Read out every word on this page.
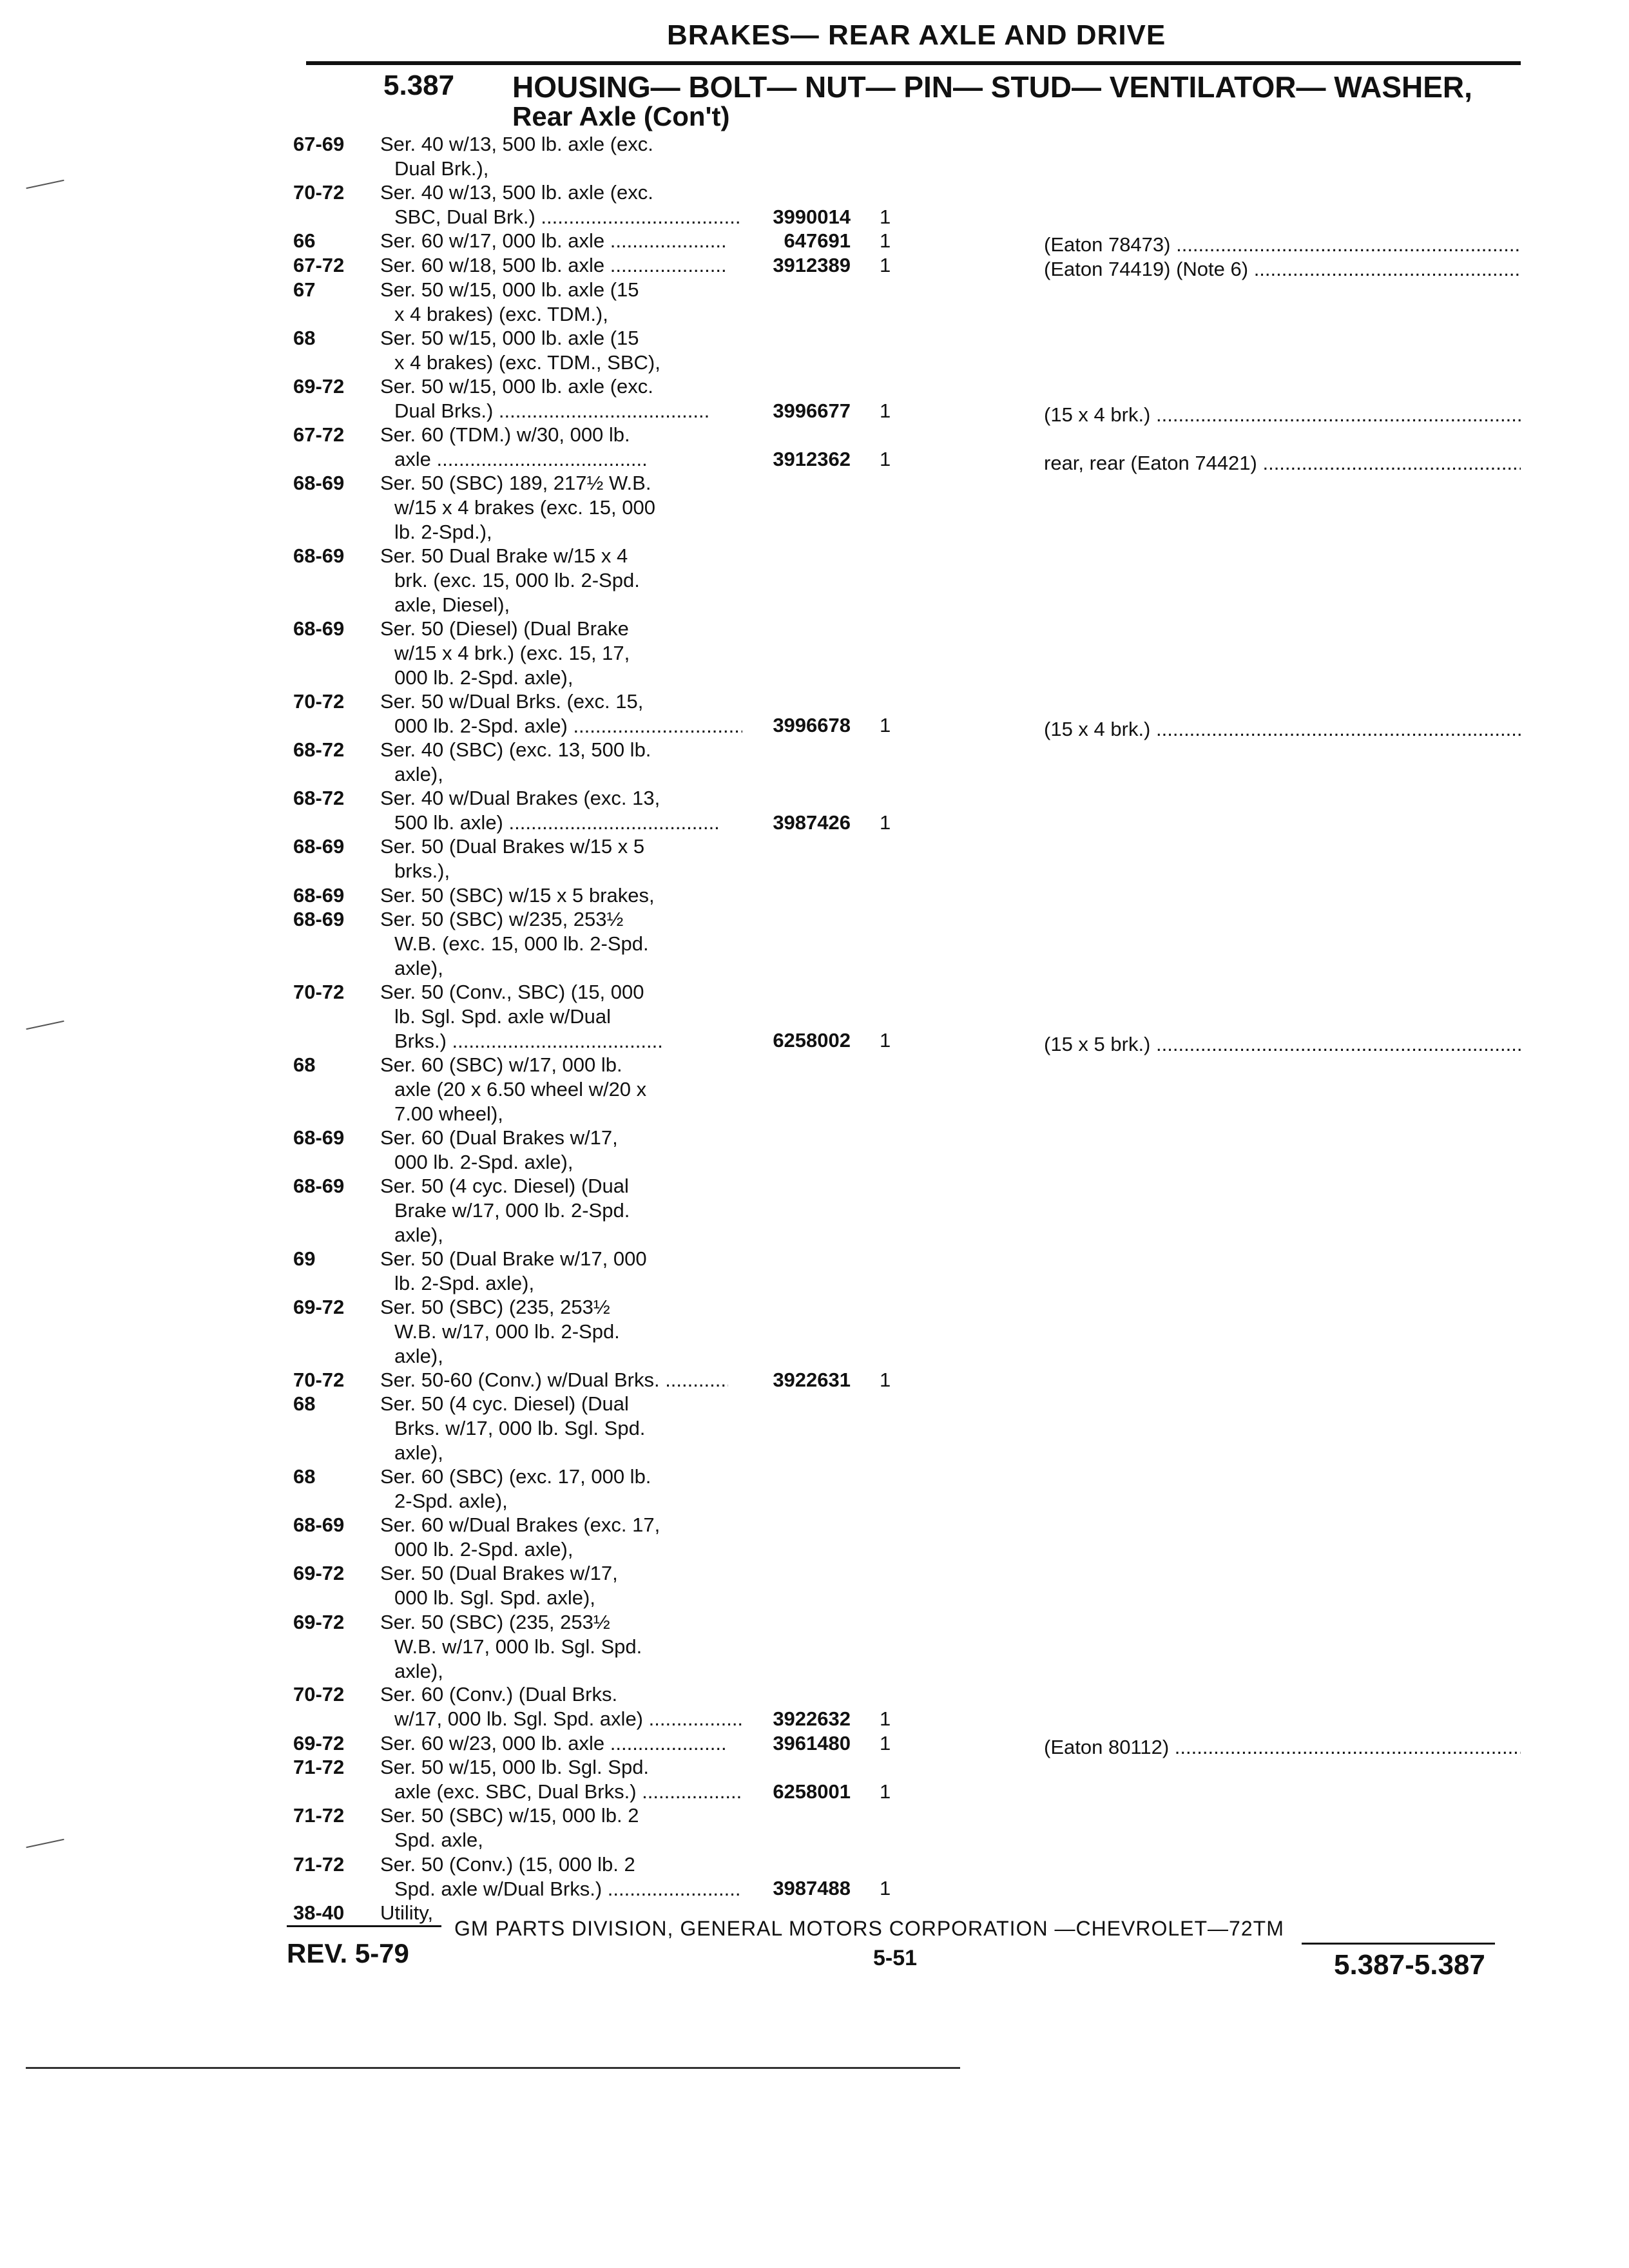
BRAKES— REAR AXLE AND DRIVE
5.387 HOUSING— BOLT— NUT— PIN— STUD— VENTILATOR— WASHER,
Rear Axle (Con't)
67-69	Ser. 40 w/13, 500 lb. axle (exc.
Dual Brk.),
70-72	Ser. 40 w/13, 500 lb. axle (exc.
SBC, Dual Brk.) .....	3990014 1
66	Ser. 60 w/17, 000 lb. axle .....	647691 1	(Eaton 78473) .....
67-72	Ser. 60 w/18, 500 lb. axle .....	3912389 1	(Eaton 74419) (Note 6) .....
67	Ser. 50 w/15, 000 lb. axle (15
x 4 brakes) (exc. TDM.),
68	Ser. 50 w/15, 000 lb. axle (15
x 4 brakes) (exc. TDM., SBC),
69-72	Ser. 50 w/15, 000 lb. axle (exc.
Dual Brks.) .....	3996677 1	(15 x 4 brk.) .....
67-72	Ser. 60 (TDM.) w/30, 000 lb.
axle .....	3912362 1	rear, rear (Eaton 74421) .....
68-69	Ser. 50 (SBC) 189, 217½ W.B.
w/15 x 4 brakes (exc. 15, 000
lb. 2-Spd.),
68-69	Ser. 50 Dual Brake w/15 x 4
brk. (exc. 15, 000 lb. 2-Spd.
axle, Diesel),
68-69	Ser. 50 (Diesel) (Dual Brake
w/15 x 4 brk.) (exc. 15, 17,
000 lb. 2-Spd. axle),
70-72	Ser. 50 w/Dual Brks. (exc. 15,
000 lb. 2-Spd. axle) .....	3996678 1	(15 x 4 brk.) .....
68-72	Ser. 40 (SBC) (exc. 13, 500 lb.
axle),
68-72	Ser. 40 w/Dual Brakes (exc. 13,
500 lb. axle) .....	3987426 1
68-69	Ser. 50 (Dual Brakes w/15 x 5
brks.),
68-69	Ser. 50 (SBC) w/15 x 5 brakes,
68-69	Ser. 50 (SBC) w/235, 253½
W.B. (exc. 15, 000 lb. 2-Spd.
axle),
70-72	Ser. 50 (Conv., SBC) (15, 000
lb. Sgl. Spd. axle w/Dual
Brks.) .....	6258002 1	(15 x 5 brk.) .....
68	Ser. 60 (SBC) w/17, 000 lb.
axle (20 x 6.50 wheel w/20 x
7.00 wheel),
68-69	Ser. 60 (Dual Brakes w/17,
000 lb. 2-Spd. axle),
68-69	Ser. 50 (4 cyc. Diesel) (Dual
Brake w/17, 000 lb. 2-Spd.
axle),
69	Ser. 50 (Dual Brake w/17, 000
lb. 2-Spd. axle),
69-72	Ser. 50 (SBC) (235, 253½
W.B. w/17, 000 lb. 2-Spd.
axle),
70-72	Ser. 50-60 (Conv.) w/Dual Brks. .....	3922631 1
68	Ser. 50 (4 cyc. Diesel) (Dual
Brks. w/17, 000 lb. Sgl. Spd.
axle),
68	Ser. 60 (SBC) (exc. 17, 000 lb.
2-Spd. axle),
68-69	Ser. 60 w/Dual Brakes (exc. 17,
000 lb. 2-Spd. axle),
69-72	Ser. 50 (Dual Brakes w/17,
000 lb. Sgl. Spd. axle),
69-72	Ser. 50 (SBC) (235, 253½
W.B. w/17, 000 lb. Sgl. Spd.
axle),
70-72	Ser. 60 (Conv.) (Dual Brks.
w/17, 000 lb. Sgl. Spd. axle) .....	3922632 1
69-72	Ser. 60 w/23, 000 lb. axle .....	3961480 1	(Eaton 80112) .....
71-72	Ser. 50 w/15, 000 lb. Sgl. Spd.
axle (exc. SBC, Dual Brks.) .....	6258001 1
71-72	Ser. 50 (SBC) w/15, 000 lb. 2
Spd. axle,
71-72	Ser. 50 (Conv.) (15, 000 lb. 2
Spd. axle w/Dual Brks.) .....	3987488 1
38-40	Utility,
GM PARTS DIVISION, GENERAL MOTORS CORPORATION —CHEVROLET—72TM
REV. 5-79	5-51	5.387-5.387
